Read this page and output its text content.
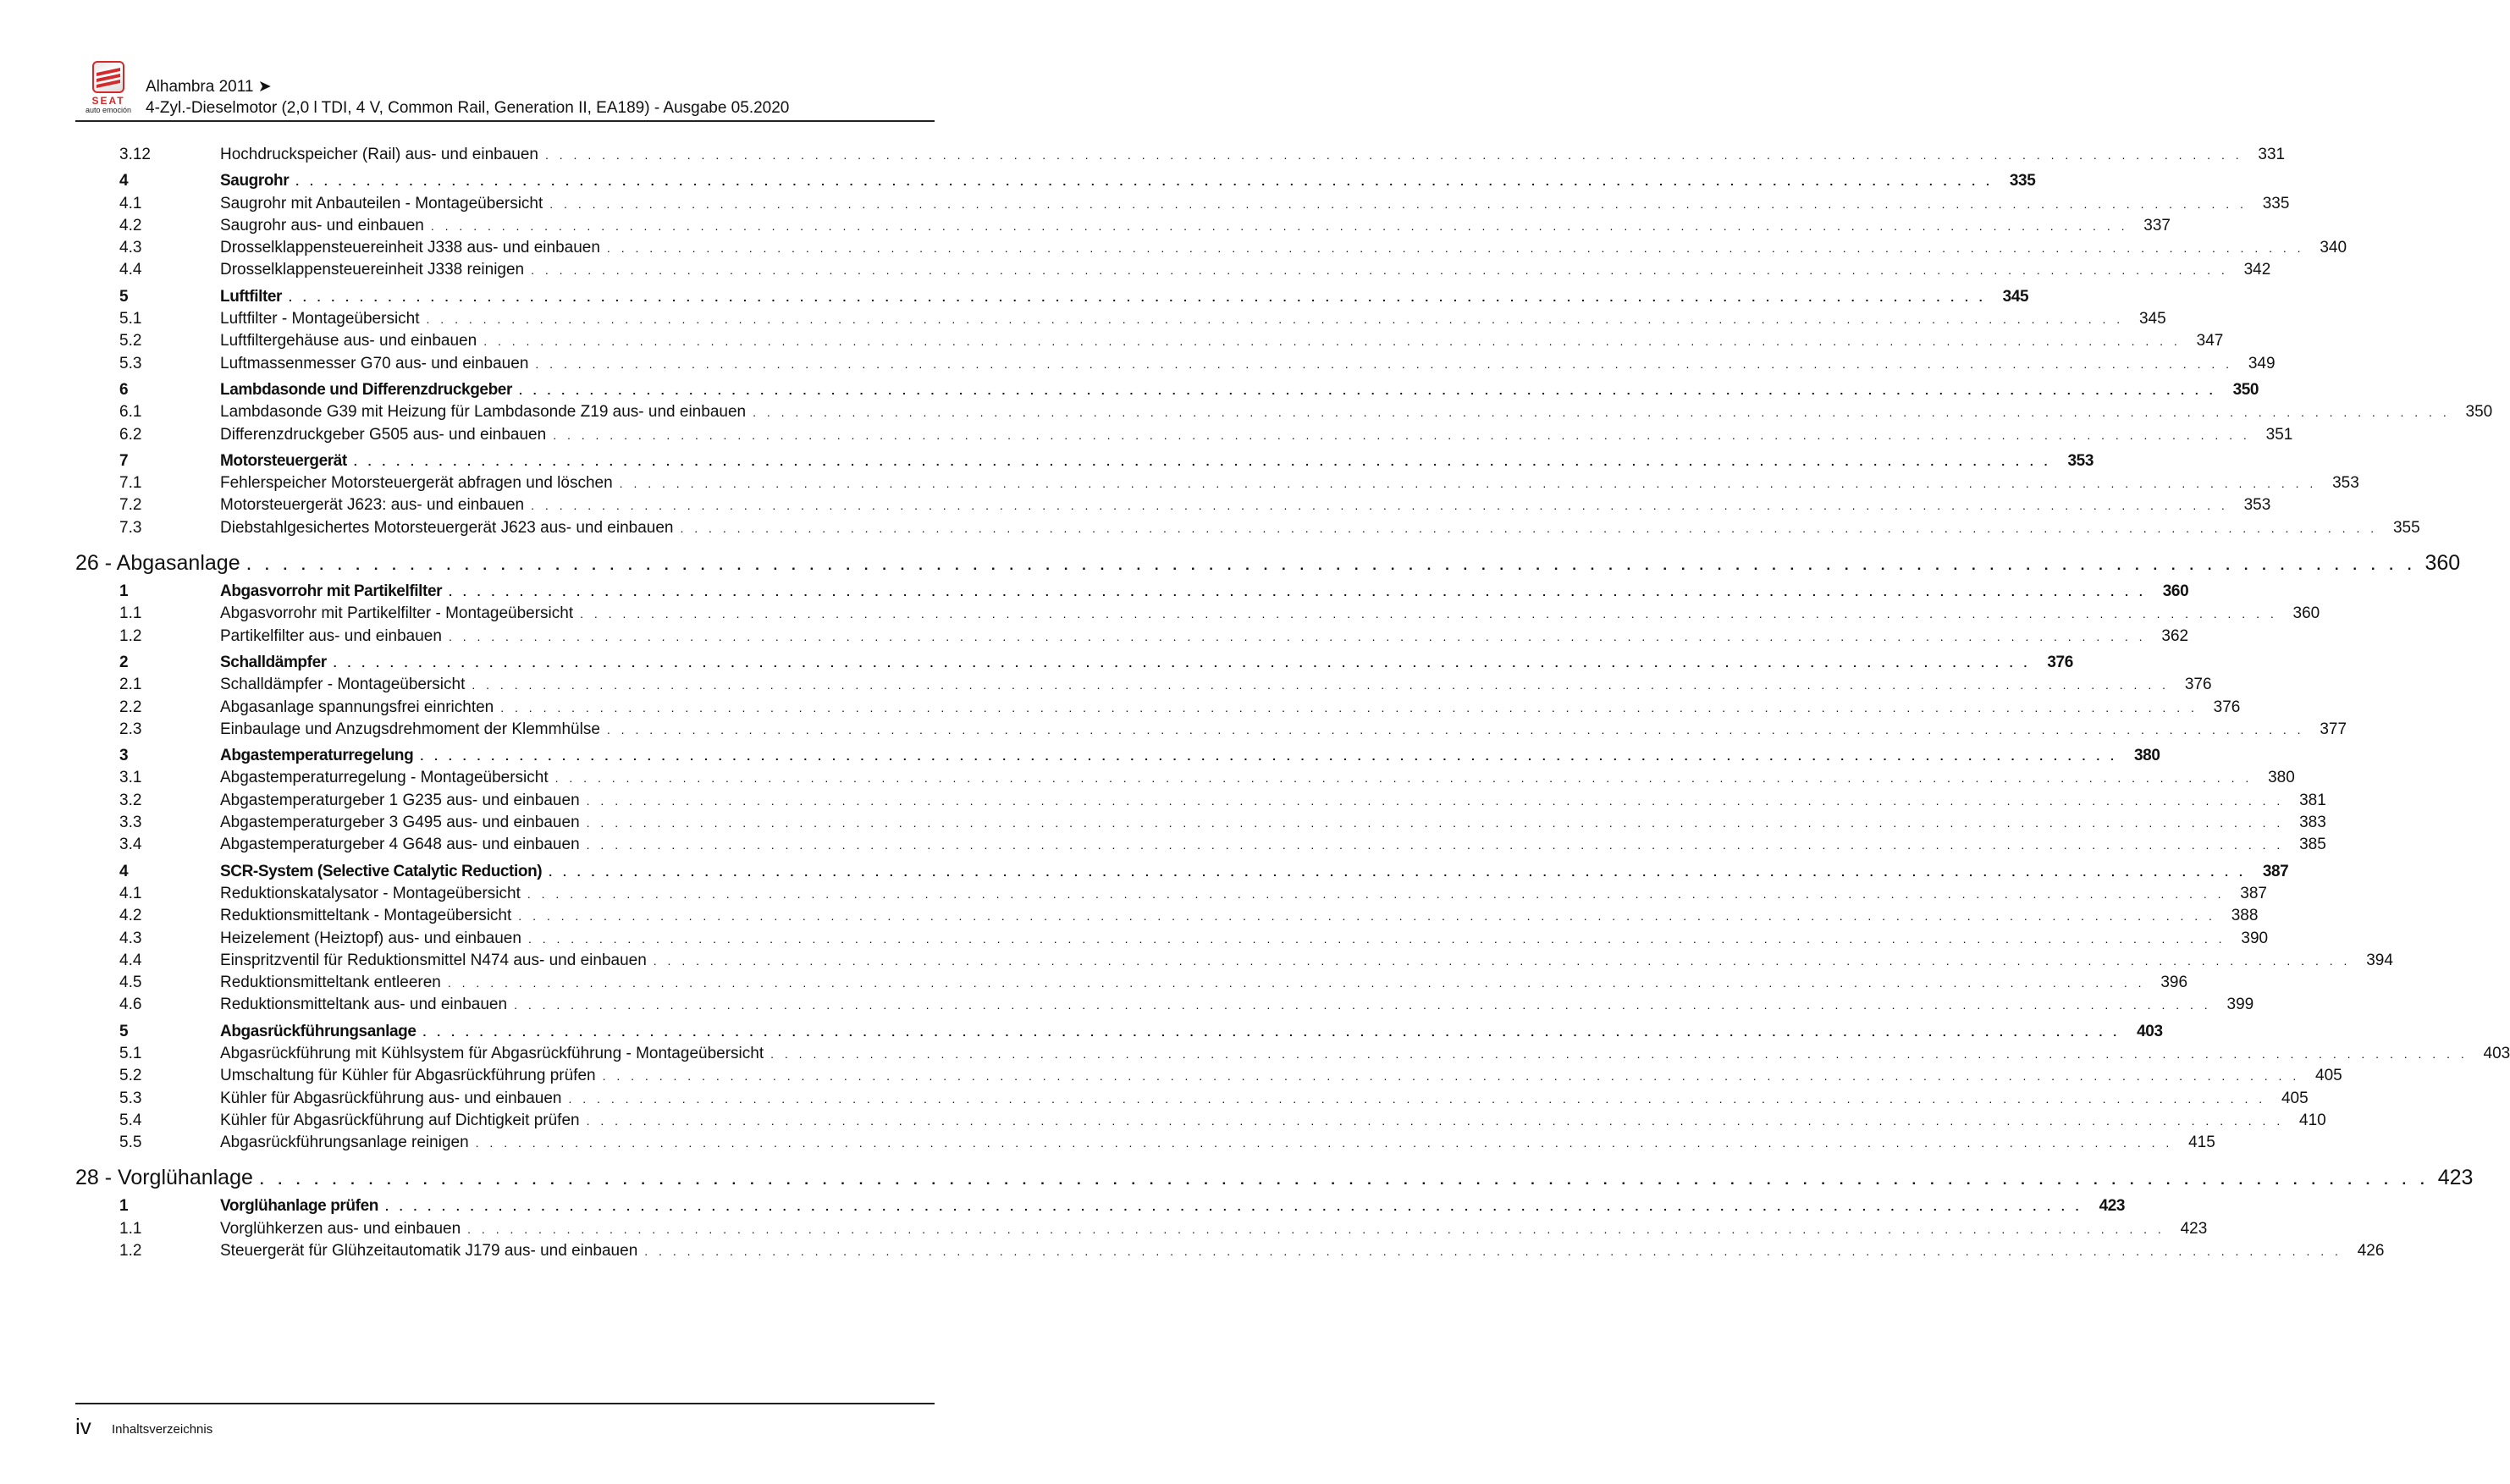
SEAT
auto emoción
Alhambra 2011 ➤
4-Zyl.-Dieselmotor (2,0 l TDI, 4 V, Common Rail, Generation II, EA189) - Ausgabe 05.2020
3.12	Hochdruckspeicher (Rail) aus- und einbauen . . . . . . . . . . . . . . . . . . . . . . . . . . . . . . . . . . . . . . . . . . . . . . . . . . . . . . . . . . . . . . . . . . . . . . . . . . . . . . . . . . . . . . . . . . . . . . . . . . . . . . . . . . . . . . . . . . . . . . . . 331
4	Saugrohr . . . . . . . . . . . . . . . . . . . . . . . . . . . . . . . . . . . . . . . . . . . . . . . . . . . . . . . . . . . . . . . . . . . . . . . . . . . . . . . . . . . . . . . . . . . . . . . . . . . . . . . . . . . . . . . . . . . . . . . .	335
4.1	Saugrohr mit Anbauteilen - Montageübersicht . . . . . . . . . . . . . . . . . . . . . . . . . . . . . . . . . . . . . . . . . . . . . . . . . . . . . . . . . . . . . . . . . . . . . . . . . . . . . . . . . . . . . . . . . . . . . . . . . . . . . . . . . . . . . . . . . . . . . . . . 335
4.2	Saugrohr aus- und einbauen . . . . . . . . . . . . . . . . . . . . . . . . . . . . . . . . . . . . . . . . . . . . . . . . . . . . . . . . . . . . . . . . . . . . . . . . . . . . . . . . . . . . . . . . . . . . . . . . . . . . . . . . . . . . . . . . . . . . . . . . 337
4.3	Drosselklappensteuereinheit J338 aus- und einbauen . . . . . . . . . . . . . . . . . . . . . . . . . . . . . . . . . . . . . . . . . . . . . . . . . . . . . . . . . . . . . . . . . . . . . . . . . . . . . . . . . . . . . . . . . . . . . . . . . . . . . . . . . . . . . . . . . . . . . . . . 340
4.4	Drosselklappensteuereinheit J338 reinigen . . . . . . . . . . . . . . . . . . . . . . . . . . . . . . . . . . . . . . . . . . . . . . . . . . . . . . . . . . . . . . . . . . . . . . . . . . . . . . . . . . . . . . . . . . . . . . . . . . . . . . . . . . . . . . . . . . . . . . . . 342
5	Luftfilter . . . . . . . . . . . . . . . . . . . . . . . . . . . . . . . . . . . . . . . . . . . . . . . . . . . . . . . . . . . . . . . . . . . . . . . . . . . . . . . . . . . . . . . . . . . . . . . . . . . . . . . . . . . . . . . . . . . . . . . .	345
5.1	Luftfilter - Montageübersicht . . . . . . . . . . . . . . . . . . . . . . . . . . . . . . . . . . . . . . . . . . . . . . . . . . . . . . . . . . . . . . . . . . . . . . . . . . . . . . . . . . . . . . . . . . . . . . . . . . . . . . . . . . . . . . . . . . . . . . . . 345
5.2	Luftfiltergehäuse aus- und einbauen . . . . . . . . . . . . . . . . . . . . . . . . . . . . . . . . . . . . . . . . . . . . . . . . . . . . . . . . . . . . . . . . . . . . . . . . . . . . . . . . . . . . . . . . . . . . . . . . . . . . . . . . . . . . . . . . . . . . . . . . 347
5.3	Luftmassenmesser G70 aus- und einbauen . . . . . . . . . . . . . . . . . . . . . . . . . . . . . . . . . . . . . . . . . . . . . . . . . . . . . . . . . . . . . . . . . . . . . . . . . . . . . . . . . . . . . . . . . . . . . . . . . . . . . . . . . . . . . . . . . . . . . . . . 349
6	Lambdasonde und Differenzdruckgeber . . . . . . . . . . . . . . . . . . . . . . . . . . . . . . . . . . . . . . . . . . . . . . . . . . . . . . . . . . . . . . . . . . . . . . . . . . . . . . . . . . . . . . . . . . . . . . . . . . . . . . . . . . . . . . . . . . . . . . . .	350
6.1	Lambdasonde G39 mit Heizung für Lambdasonde Z19 aus- und einbauen . . . . . . . . . . . . . . . . . . . . . . . . . . . . . . . . . . . . . . . . . . . . . . . . . . . . . . . . . . . . . . . . . . . . . . . . . . . . . . . . . . . . . . . . . . . . . . . . . . . . . . . . . . . . . . . . . . . . . . . . 350
6.2	Differenzdruckgeber G505 aus- und einbauen . . . . . . . . . . . . . . . . . . . . . . . . . . . . . . . . . . . . . . . . . . . . . . . . . . . . . . . . . . . . . . . . . . . . . . . . . . . . . . . . . . . . . . . . . . . . . . . . . . . . . . . . . . . . . . . . . . . . . . . . 351
7	Motorsteuergerät . . . . . . . . . . . . . . . . . . . . . . . . . . . . . . . . . . . . . . . . . . . . . . . . . . . . . . . . . . . . . . . . . . . . . . . . . . . . . . . . . . . . . . . . . . . . . . . . . . . . . . . . . . . . . . . . . . . . . . . .	353
7.1	Fehlerspeicher Motorsteuergerät abfragen und löschen . . . . . . . . . . . . . . . . . . . . . . . . . . . . . . . . . . . . . . . . . . . . . . . . . . . . . . . . . . . . . . . . . . . . . . . . . . . . . . . . . . . . . . . . . . . . . . . . . . . . . . . . . . . . . . . . . . . . . . . . 353
7.2	Motorsteuergerät J623: aus- und einbauen . . . . . . . . . . . . . . . . . . . . . . . . . . . . . . . . . . . . . . . . . . . . . . . . . . . . . . . . . . . . . . . . . . . . . . . . . . . . . . . . . . . . . . . . . . . . . . . . . . . . . . . . . . . . . . . . . . . . . . . . 353
7.3	Diebstahlgesichertes Motorsteuergerät J623 aus- und einbauen . . . . . . . . . . . . . . . . . . . . . . . . . . . . . . . . . . . . . . . . . . . . . . . . . . . . . . . . . . . . . . . . . . . . . . . . . . . . . . . . . . . . . . . . . . . . . . . . . . . . . . . . . . . . . . . . . . . . . . . . 355
26 - Abgasanlage . . . . . . . . . . . . . . . . . . . . . . . . . . . . . . . . . . . . . . . . . . . . . . . . . . . . . . . . . . . . . . . . . . . . . . . . . . . . . . . . . . . . . . . . . . . . . . . . . . . . . . . . . . . . . . . . . . . . . . . . 360
1	Abgasvorrohr mit Partikelfilter . . . . . . . . . . . . . . . . . . . . . . . . . . . . . . . . . . . . . . . . . . . . . . . . . . . . . . . . . . . . . . . . . . . . . . . . . . . . . . . . . . . . . . . . . . . . . . . . . . . . . . . . . . . . . . . . . . . . . . . .	360
1.1	Abgasvorrohr mit Partikelfilter - Montageübersicht . . . . . . . . . . . . . . . . . . . . . . . . . . . . . . . . . . . . . . . . . . . . . . . . . . . . . . . . . . . . . . . . . . . . . . . . . . . . . . . . . . . . . . . . . . . . . . . . . . . . . . . . . . . . . . . . . . . . . . . . 360
1.2	Partikelfilter aus- und einbauen . . . . . . . . . . . . . . . . . . . . . . . . . . . . . . . . . . . . . . . . . . . . . . . . . . . . . . . . . . . . . . . . . . . . . . . . . . . . . . . . . . . . . . . . . . . . . . . . . . . . . . . . . . . . . . . . . . . . . . . . 362
2	Schalldämpfer . . . . . . . . . . . . . . . . . . . . . . . . . . . . . . . . . . . . . . . . . . . . . . . . . . . . . . . . . . . . . . . . . . . . . . . . . . . . . . . . . . . . . . . . . . . . . . . . . . . . . . . . . . . . . . . . . . . . . . . .	376
2.1	Schalldämpfer - Montageübersicht . . . . . . . . . . . . . . . . . . . . . . . . . . . . . . . . . . . . . . . . . . . . . . . . . . . . . . . . . . . . . . . . . . . . . . . . . . . . . . . . . . . . . . . . . . . . . . . . . . . . . . . . . . . . . . . . . . . . . . . . 376
2.2	Abgasanlage spannungsfrei einrichten . . . . . . . . . . . . . . . . . . . . . . . . . . . . . . . . . . . . . . . . . . . . . . . . . . . . . . . . . . . . . . . . . . . . . . . . . . . . . . . . . . . . . . . . . . . . . . . . . . . . . . . . . . . . . . . . . . . . . . . . 376
2.3	Einbaulage und Anzugsdrehmoment der Klemmhülse . . . . . . . . . . . . . . . . . . . . . . . . . . . . . . . . . . . . . . . . . . . . . . . . . . . . . . . . . . . . . . . . . . . . . . . . . . . . . . . . . . . . . . . . . . . . . . . . . . . . . . . . . . . . . . . . . . . . . . . . 377
3	Abgastemperaturregelung . . . . . . . . . . . . . . . . . . . . . . . . . . . . . . . . . . . . . . . . . . . . . . . . . . . . . . . . . . . . . . . . . . . . . . . . . . . . . . . . . . . . . . . . . . . . . . . . . . . . . . . . . . . . . . . . . . . . . . . .	380
3.1	Abgastemperaturregelung - Montageübersicht . . . . . . . . . . . . . . . . . . . . . . . . . . . . . . . . . . . . . . . . . . . . . . . . . . . . . . . . . . . . . . . . . . . . . . . . . . . . . . . . . . . . . . . . . . . . . . . . . . . . . . . . . . . . . . . . . . . . . . . . 380
3.2	Abgastemperaturgeber 1 G235 aus- und einbauen . . . . . . . . . . . . . . . . . . . . . . . . . . . . . . . . . . . . . . . . . . . . . . . . . . . . . . . . . . . . . . . . . . . . . . . . . . . . . . . . . . . . . . . . . . . . . . . . . . . . . . . . . . . . . . . . . . . . . . . . 381
3.3	Abgastemperaturgeber 3 G495 aus- und einbauen . . . . . . . . . . . . . . . . . . . . . . . . . . . . . . . . . . . . . . . . . . . . . . . . . . . . . . . . . . . . . . . . . . . . . . . . . . . . . . . . . . . . . . . . . . . . . . . . . . . . . . . . . . . . . . . . . . . . . . . . 383
3.4	Abgastemperaturgeber 4 G648 aus- und einbauen . . . . . . . . . . . . . . . . . . . . . . . . . . . . . . . . . . . . . . . . . . . . . . . . . . . . . . . . . . . . . . . . . . . . . . . . . . . . . . . . . . . . . . . . . . . . . . . . . . . . . . . . . . . . . . . . . . . . . . . . 385
4	SCR-System (Selective Catalytic Reduction) . . . . . . . . . . . . . . . . . . . . . . . . . . . . . . . . . . . . . . . . . . . . . . . . . . . . . . . . . . . . . . . . . . . . . . . . . . . . . . . . . . . . . . . . . . . . . . . . . . . . . . . . . . . . . . . . . . . . . . . .	387
4.1	Reduktionskatalysator - Montageübersicht . . . . . . . . . . . . . . . . . . . . . . . . . . . . . . . . . . . . . . . . . . . . . . . . . . . . . . . . . . . . . . . . . . . . . . . . . . . . . . . . . . . . . . . . . . . . . . . . . . . . . . . . . . . . . . . . . . . . . . . . 387
4.2	Reduktionsmitteltank - Montageübersicht . . . . . . . . . . . . . . . . . . . . . . . . . . . . . . . . . . . . . . . . . . . . . . . . . . . . . . . . . . . . . . . . . . . . . . . . . . . . . . . . . . . . . . . . . . . . . . . . . . . . . . . . . . . . . . . . . . . . . . . . 388
4.3	Heizelement (Heiztopf) aus- und einbauen . . . . . . . . . . . . . . . . . . . . . . . . . . . . . . . . . . . . . . . . . . . . . . . . . . . . . . . . . . . . . . . . . . . . . . . . . . . . . . . . . . . . . . . . . . . . . . . . . . . . . . . . . . . . . . . . . . . . . . . . 390
4.4	Einspritzventil für Reduktionsmittel N474 aus- und einbauen . . . . . . . . . . . . . . . . . . . . . . . . . . . . . . . . . . . . . . . . . . . . . . . . . . . . . . . . . . . . . . . . . . . . . . . . . . . . . . . . . . . . . . . . . . . . . . . . . . . . . . . . . . . . . . . . . . . . . . . . 394
4.5	Reduktionsmitteltank entleeren . . . . . . . . . . . . . . . . . . . . . . . . . . . . . . . . . . . . . . . . . . . . . . . . . . . . . . . . . . . . . . . . . . . . . . . . . . . . . . . . . . . . . . . . . . . . . . . . . . . . . . . . . . . . . . . . . . . . . . . . 396
4.6	Reduktionsmitteltank aus- und einbauen . . . . . . . . . . . . . . . . . . . . . . . . . . . . . . . . . . . . . . . . . . . . . . . . . . . . . . . . . . . . . . . . . . . . . . . . . . . . . . . . . . . . . . . . . . . . . . . . . . . . . . . . . . . . . . . . . . . . . . . . 399
5	Abgasrückführungsanlage . . . . . . . . . . . . . . . . . . . . . . . . . . . . . . . . . . . . . . . . . . . . . . . . . . . . . . . . . . . . . . . . . . . . . . . . . . . . . . . . . . . . . . . . . . . . . . . . . . . . . . . . . . . . . . . . . . . . . . . .	403
5.1	Abgasrückführung mit Kühlsystem für Abgasrückführung - Montageübersicht . . . . . . . . . . . . . . . . . . . . . . . . . . . . . . . . . . . . . . . . . . . . . . . . . . . . . . . . . . . . . . . . . . . . . . . . . . . . . . . . . . . . . . . . . . . . . . . . . . . . . . . . . . . . . . . . . . . . . . . . 403
5.2	Umschaltung für Kühler für Abgasrückführung prüfen . . . . . . . . . . . . . . . . . . . . . . . . . . . . . . . . . . . . . . . . . . . . . . . . . . . . . . . . . . . . . . . . . . . . . . . . . . . . . . . . . . . . . . . . . . . . . . . . . . . . . . . . . . . . . . . . . . . . . . . . 405
5.3	Kühler für Abgasrückführung aus- und einbauen . . . . . . . . . . . . . . . . . . . . . . . . . . . . . . . . . . . . . . . . . . . . . . . . . . . . . . . . . . . . . . . . . . . . . . . . . . . . . . . . . . . . . . . . . . . . . . . . . . . . . . . . . . . . . . . . . . . . . . . . 405
5.4	Kühler für Abgasrückführung auf Dichtigkeit prüfen . . . . . . . . . . . . . . . . . . . . . . . . . . . . . . . . . . . . . . . . . . . . . . . . . . . . . . . . . . . . . . . . . . . . . . . . . . . . . . . . . . . . . . . . . . . . . . . . . . . . . . . . . . . . . . . . . . . . . . . . 410
5.5	Abgasrückführungsanlage reinigen . . . . . . . . . . . . . . . . . . . . . . . . . . . . . . . . . . . . . . . . . . . . . . . . . . . . . . . . . . . . . . . . . . . . . . . . . . . . . . . . . . . . . . . . . . . . . . . . . . . . . . . . . . . . . . . . . . . . . . . . 415
28 - Vorglühanlage . . . . . . . . . . . . . . . . . . . . . . . . . . . . . . . . . . . . . . . . . . . . . . . . . . . . . . . . . . . . . . . . . . . . . . . . . . . . . . . . . . . . . . . . . . . . . . . . . . . . . . . . . . . . . . . . . . . . . . . . 423
1	Vorglühanlage prüfen . . . . . . . . . . . . . . . . . . . . . . . . . . . . . . . . . . . . . . . . . . . . . . . . . . . . . . . . . . . . . . . . . . . . . . . . . . . . . . . . . . . . . . . . . . . . . . . . . . . . . . . . . . . . . . . . . . . . . . . .	423
1.1	Vorglühkerzen aus- und einbauen . . . . . . . . . . . . . . . . . . . . . . . . . . . . . . . . . . . . . . . . . . . . . . . . . . . . . . . . . . . . . . . . . . . . . . . . . . . . . . . . . . . . . . . . . . . . . . . . . . . . . . . . . . . . . . . . . . . . . . . . 423
1.2	Steuergerät für Glühzeitautomatik J179 aus- und einbauen . . . . . . . . . . . . . . . . . . . . . . . . . . . . . . . . . . . . . . . . . . . . . . . . . . . . . . . . . . . . . . . . . . . . . . . . . . . . . . . . . . . . . . . . . . . . . . . . . . . . . . . . . . . . . . . . . . . . . . . . 426
iv Inhaltsverzeichnis
